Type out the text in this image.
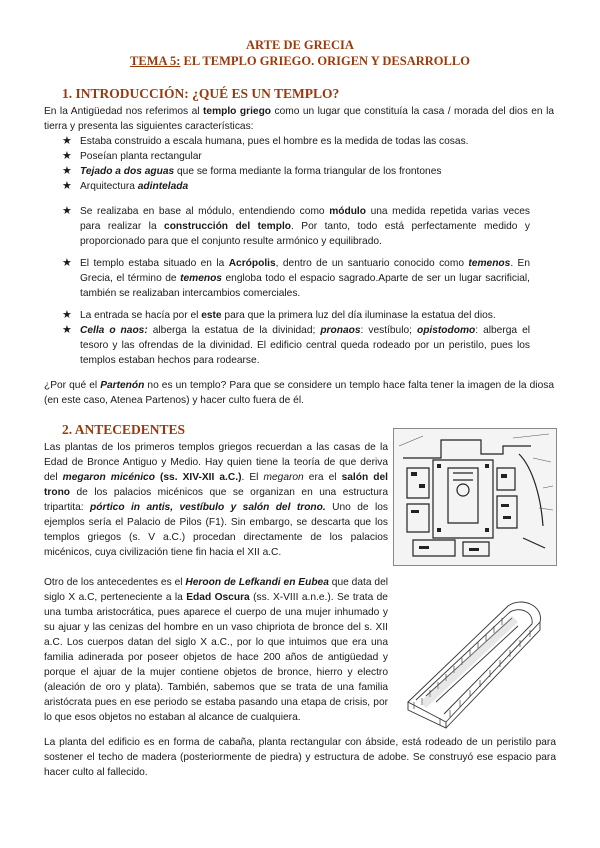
ARTE DE GRECIA
TEMA 5: EL TEMPLO GRIEGO. ORIGEN Y DESARROLLO
1. INTRODUCCIÓN: ¿QUÉ ES UN TEMPLO?
En la Antigüedad nos referimos al templo griego como un lugar que constituía la casa / morada del dios en la tierra y presenta las siguientes características:
★ Estaba construido a escala humana, pues el hombre es la medida de todas las cosas.
★ Poseían planta rectangular
★ Tejado a dos aguas que se forma mediante la forma triangular de los frontones
★ Arquitectura adintelada
★ Se realizaba en base al módulo, entendiendo como módulo una medida repetida varias veces para realizar la construcción del templo. Por tanto, todo está perfectamente medido y proporcionado para que el conjunto resulte armónico y equilibrado.
★ El templo estaba situado en la Acrópolis, dentro de un santuario conocido como temenos. En Grecia, el término de temenos engloba todo el espacio sagrado.Aparte de ser un lugar sacrificial, también se realizaban intercambios comerciales.
★ La entrada se hacía por el este para que la primera luz del día iluminase la estatua del dios.
★ Cella o naos: alberga la estatua de la divinidad; pronaos: vestíbulo; opistodomo: alberga el tesoro y las ofrendas de la divinidad. El edificio central queda rodeado por un peristilo, pues los templos estaban hechos para rodearse.
¿Por qué el Partenón no es un templo? Para que se considere un templo hace falta tener la imagen de la diosa (en este caso, Atenea Partenos) y hacer culto fuera de él.
2. ANTECEDENTES
Las plantas de los primeros templos griegos recuerdan a las casas de la Edad de Bronce Antiguo y Medio. Hay quien tiene la teoría de que deriva del megaron micénico (ss. XIV-XII a.C.). El megaron era el salón del trono de los palacios micénicos que se organizan en una estructura tripartita: pórtico in antis, vestíbulo y salón del trono. Uno de los ejemplos sería el Palacio de Pilos (F1). Sin embargo, se descarta que los templos griegos (s. V a.C.) procedan directamente de los palacios micénicos, cuya civilización tiene fin hacia el XII a.C.
Otro de los antecedentes es el Heroon de Lefkandi en Eubea que data del siglo X a.C, perteneciente a la Edad Oscura (ss. X-VIII a.n.e.). Se trata de una tumba aristocrática, pues aparece el cuerpo de una mujer inhumado y su ajuar y las cenizas del hombre en un vaso chipriota de bronce del s. XII a.C. Los cuerpos datan del siglo X a.C., por lo que intuimos que era una familia adinerada por poseer objetos de hace 200 años de antigüedad y porque el ajuar de la mujer contiene objetos de bronce, hierro y electro (aleación de oro y plata). También, sabemos que se trata de una familia aristócrata pues en ese periodo se estaba pasando una etapa de crisis, por lo que esos objetos no estaban al alcance de cualquiera.
La planta del edificio es en forma de cabaña, planta rectangular con ábside, está rodeado de un peristilo para sostener el techo de madera (posteriormente de piedra) y estructura de adobe. Se construyó ese espacio para hacer culto al fallecido.
